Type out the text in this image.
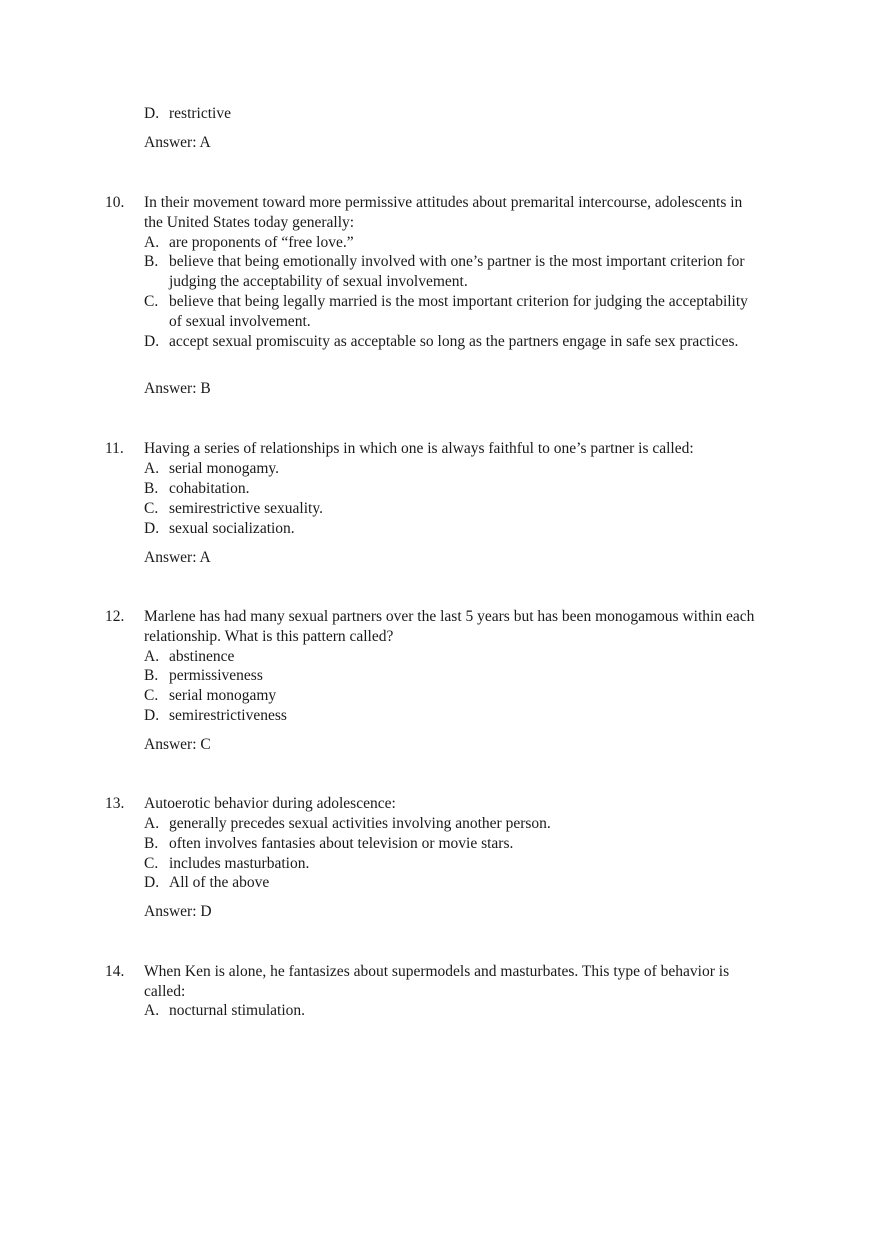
D. restrictive
Answer: A
10. In their movement toward more permissive attitudes about premarital intercourse, adolescents in the United States today generally:
A. are proponents of “free love.”
B. believe that being emotionally involved with one’s partner is the most important criterion for judging the acceptability of sexual involvement.
C. believe that being legally married is the most important criterion for judging the acceptability of sexual involvement.
D. accept sexual promiscuity as acceptable so long as the partners engage in safe sex practices.
Answer: B
11. Having a series of relationships in which one is always faithful to one’s partner is called:
A. serial monogamy.
B. cohabitation.
C. semirestrictive sexuality.
D. sexual socialization.
Answer: A
12. Marlene has had many sexual partners over the last 5 years but has been monogamous within each relationship. What is this pattern called?
A. abstinence
B. permissiveness
C. serial monogamy
D. semirestrictiveness
Answer: C
13. Autoerotic behavior during adolescence:
A. generally precedes sexual activities involving another person.
B. often involves fantasies about television or movie stars.
C. includes masturbation.
D. All of the above
Answer: D
14. When Ken is alone, he fantasizes about supermodels and masturbates. This type of behavior is called:
A. nocturnal stimulation.
